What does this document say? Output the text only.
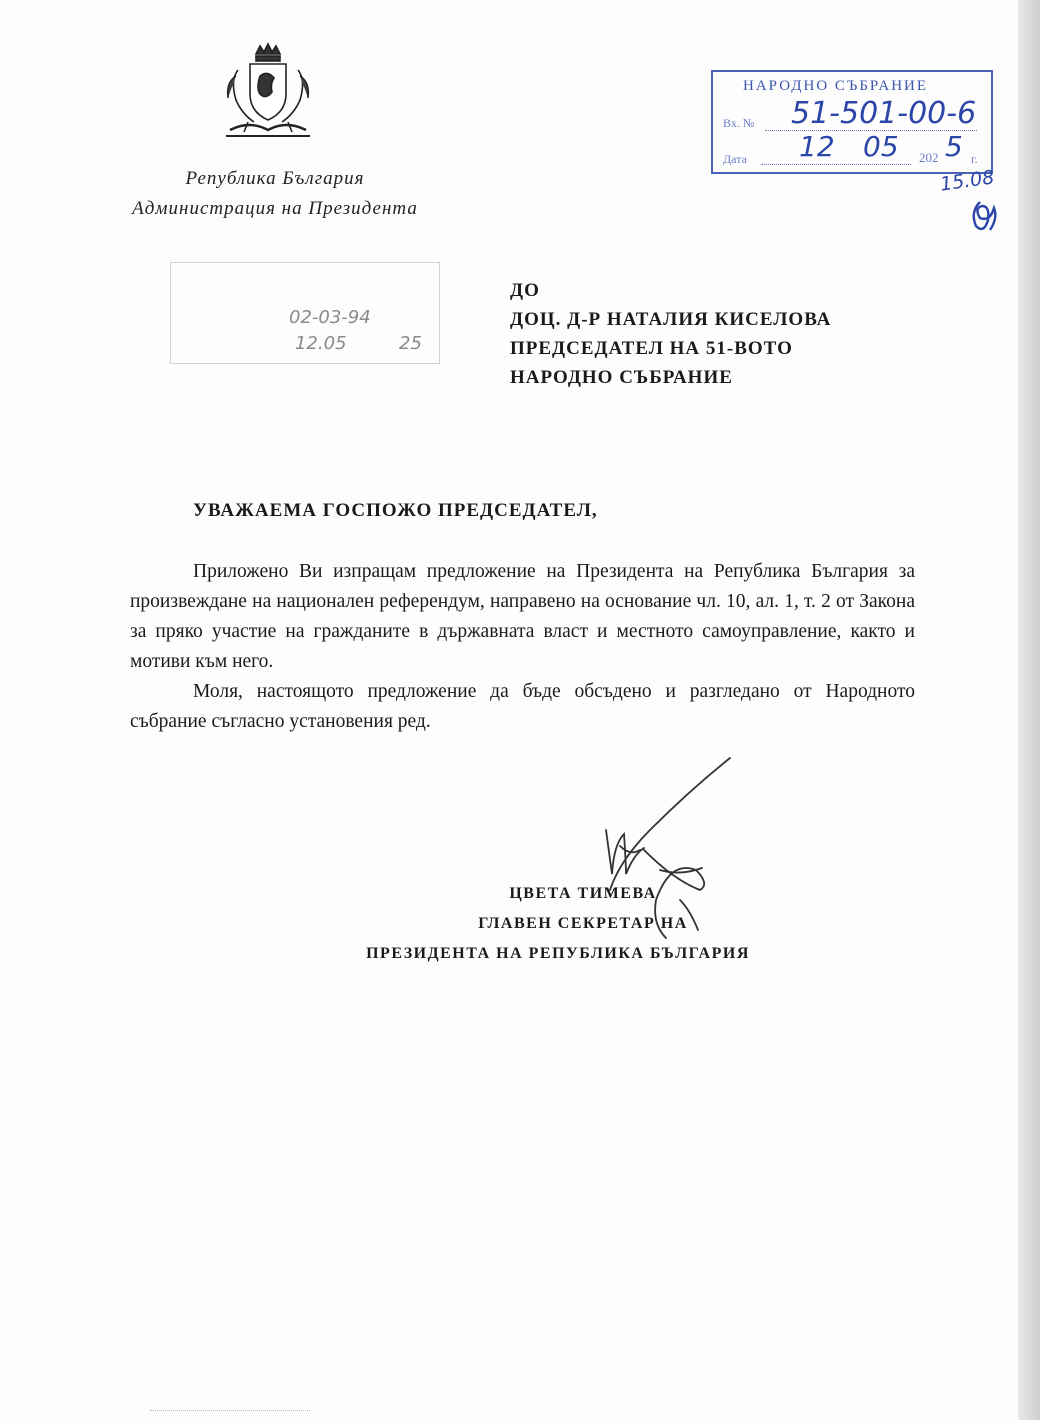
Република България
Администрация на Президента
НАРОДНО СЪБРАНИЕ
Вх. № 51-501-00-6
Дата 12 05 202 5 г.
15.08
02-03-94
12.05	25
ДО
ДОЦ. Д-Р НАТАЛИЯ КИСЕЛОВА
ПРЕДСЕДАТЕЛ НА 51-ВОТО
НАРОДНО СЪБРАНИЕ
УВАЖАЕМА ГОСПОЖО ПРЕДСЕДАТЕЛ,

Приложено Ви изпращам предложение на Президента на Република България за произвеждане на национален референдум, направено на основание чл. 10, ал. 1, т. 2 от Закона за пряко участие на гражданите в държавната власт и местното самоуправление, както и мотиви към него.

Моля, настоящото предложение да бъде обсъдено и разгледано от Народното събрание съгласно установения ред.

ЦВЕТА ТИМЕВА
ГЛАВЕН СЕКРЕТАР НА
ПРЕЗИДЕНТА НА РЕПУБЛИКА БЪЛГАРИЯ
